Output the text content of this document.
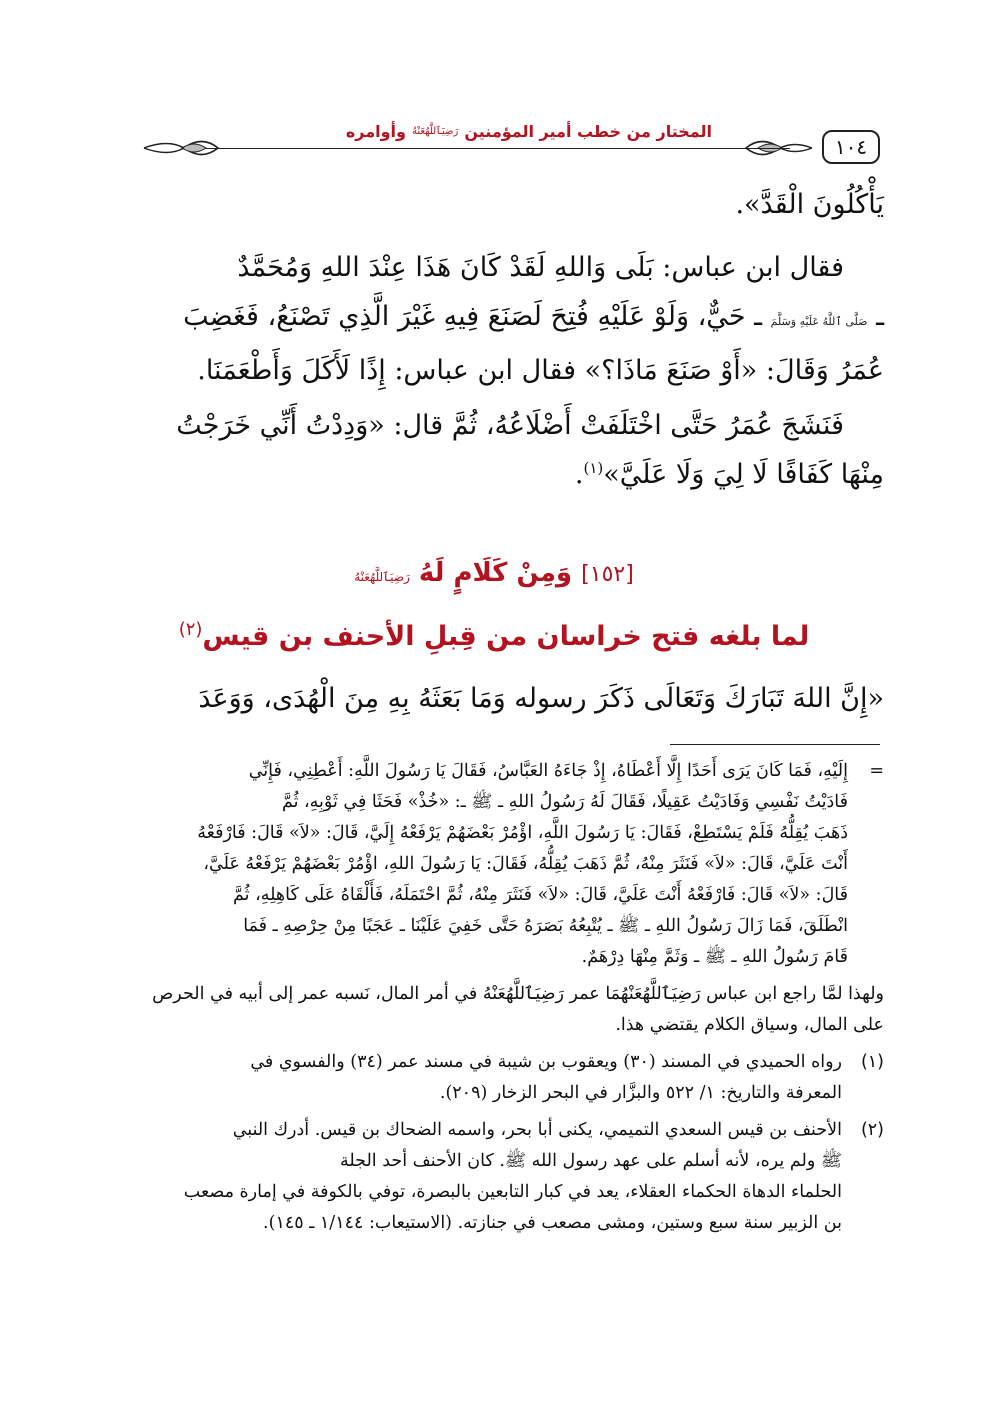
١٠٤
المختار من خطب أمير المؤمنين
رَضِيَٱللَّهُعَنْهُ
وأوامره
يَأْكُلُونَ الْقَدَّ».
فقال ابن عباس: بَلَى وَاللهِ لَقَدْ كَانَ هَذَا عِنْدَ اللهِ وَمُحَمَّدٌ
ـ صَلَّى ٱللَّهُ عَلَيْهِ وَسَلَّمَ ـ حَيٌّ، وَلَوْ عَلَيْهِ فُتِحَ لَصَنَعَ فِيهِ غَيْرَ الَّذِي تَصْنَعُ، فَغَضِبَ
عُمَرُ وَقَالَ: «أَوْ صَنَعَ مَاذَا؟» فقال ابن عباس: إِذًا لَأَكَلَ وَأَطْعَمَنَا.
فَنَشَجَ عُمَرُ حَتَّى اخْتَلَفَتْ أَضْلَاعُهُ، ثُمَّ قال: «وَدِدْتُ أَنِّي خَرَجْتُ
مِنْهَا كَفَافًا لَا لِيَ وَلَا عَلَيَّ»$^{(١)}$.
[١٥٢] وَمِنْ كَلَامٍ لَهُ رَضِيَٱللَّهُعَنْهُ
لما بلغه فتح خراسان من قِبلِ الأحنف بن قيس$^{(٢)}$
«إِنَّ اللهَ تَبَارَكَ وَتَعَالَى ذَكَرَ رسوله وَمَا بَعَثَهُ بِهِ مِنَ الْهُدَى، وَوَعَدَ
=
إِلَيْهِ، فَمَا كَانَ يَرَى أَحَدًا إِلَّا أَعْطَاهُ، إِذْ جَاءَهُ العَبَّاسُ، فَقَالَ يَا رَسُولَ اللَّهِ: أَعْطِنِي، فَإِنِّي
فَادَيْتُ نَفْسِي وَفَادَيْتُ عَقِيلًا، فَقَالَ لَهُ رَسُولُ اللهِ ـ ﷺ ـ: «خُذْ» فَحَثَا فِي ثَوْبِهِ، ثُمَّ
ذَهَبَ يُقِلُّهُ فَلَمْ يَسْتَطِعْ، فَقَالَ: يَا رَسُولَ اللَّهِ، اؤْمُرْ بَعْضَهُمْ يَرْفَعْهُ إِلَيَّ، قَالَ: «لاَ» قَالَ: فَارْفَعْهُ
أَنْتَ عَلَيَّ، قَالَ: «لاَ» فَنَثَرَ مِنْهُ، ثُمَّ ذَهَبَ يُقِلُّهُ، فَقَالَ: يَا رَسُولَ اللهِ، اؤْمُرْ بَعْضَهُمْ يَرْفَعْهُ عَلَيَّ،
قَالَ: «لاَ» قَالَ: فَارْفَعْهُ أَنْتَ عَلَيَّ، قَالَ: «لاَ» فَنَثَرَ مِنْهُ، ثُمَّ احْتَمَلَهُ، فَأَلْقَاهُ عَلَى كَاهِلِهِ، ثُمَّ
انْطَلَقَ، فَمَا زَالَ رَسُولُ اللهِ ـ ﷺ ـ يُتْبِعُهُ بَصَرَهُ حَتَّى خَفِيَ عَلَيْنَا ـ عَجَبًا مِنْ حِرْصِهِ ـ فَمَا
قَامَ رَسُولُ اللهِ ـ ﷺ ـ وَثَمَّ مِنْهَا دِرْهَمٌ.
ولهذا لمَّا راجع ابن عباس رَضِيَٱللَّهُعَنْهُمَا عمر رَضِيَٱللَّهُعَنْهُ في أمر المال، نَسبه عمر إلى أبيه في الحرص
على المال، وسياق الكلام يقتضي هذا.
(١)
رواه الحميدي في المسند (٣٠) ويعقوب بن شيبة في مسند عمر (٣٤) والفسوي في
المعرفة والتاريخ: ١/ ٥٢٢ والبزَّار في البحر الزخار (٢٠٩).
(٢)
الأحنف بن قيس السعدي التميمي، يكنى أبا بحر، واسمه الضحاك بن قيس. أدرك النبي
ﷺ ولم يره، لأنه أسلم على عهد رسول الله ﷺ. كان الأحنف أحد الجلة
الحلماء الدهاة الحكماء العقلاء، يعد في كبار التابعين بالبصرة، توفي بالكوفة في إمارة مصعب
بن الزبير سنة سبع وستين، ومشى مصعب في جنازته. (الاستيعاب: ١/١٤٤ ـ ١٤٥).
